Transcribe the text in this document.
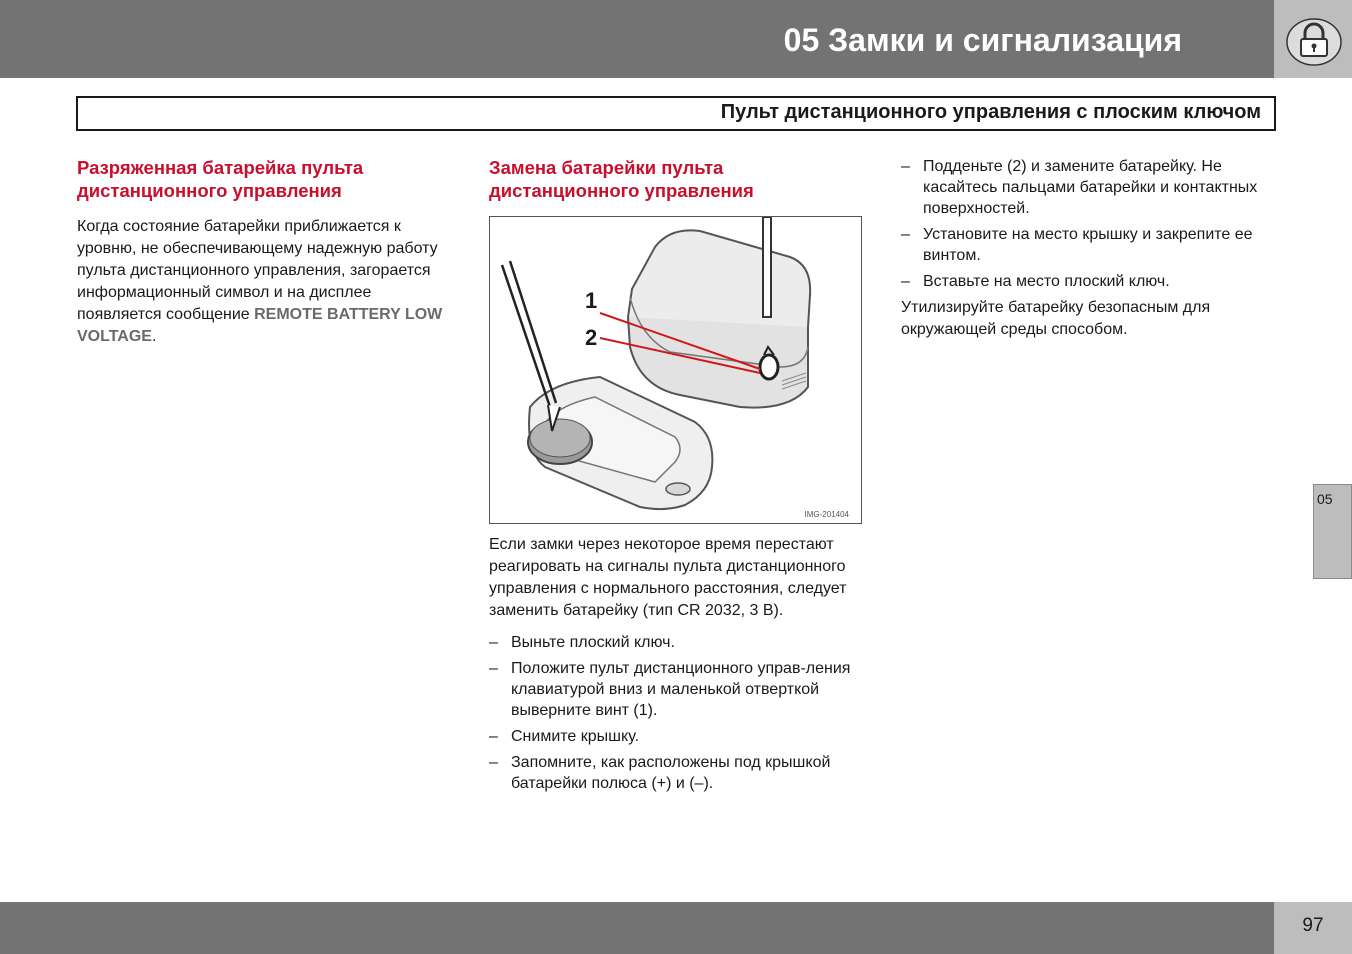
05 Замки и сигнализация
Пульт дистанционного управления с плоским ключом
Разряженная батарейка пульта дистанционного управления

Когда состояние батарейки приближается к уровню, не обеспечивающему надежную работу пульта дистанционного управления, загорается информационный символ и на дисплее появляется сообщение REMOTE BATTERY LOW VOLTAGE.

Замена батарейки пульта дистанционного управления
1
2
IMG-201404

Если замки через некоторое время перестают реагировать на сигналы пульта дистанционного управления с нормального расстояния, следует заменить батарейку (тип CR 2032, 3 В).

– Выньте плоский ключ.
– Положите пульт дистанционного управ-ления клавиатурой вниз и маленькой отверткой выверните винт (1).
– Снимите крышку.
– Запомните, как расположены под крышкой батарейки полюса (+) и (–).
– Подденьте (2) и замените батарейку. Не касайтесь пальцами батарейки и контактных поверхностей.
– Установите на место крышку и закрепите ее винтом.
– Вставьте на место плоский ключ.

Утилизируйте батарейку безопасным для окружающей среды способом.

05
97
